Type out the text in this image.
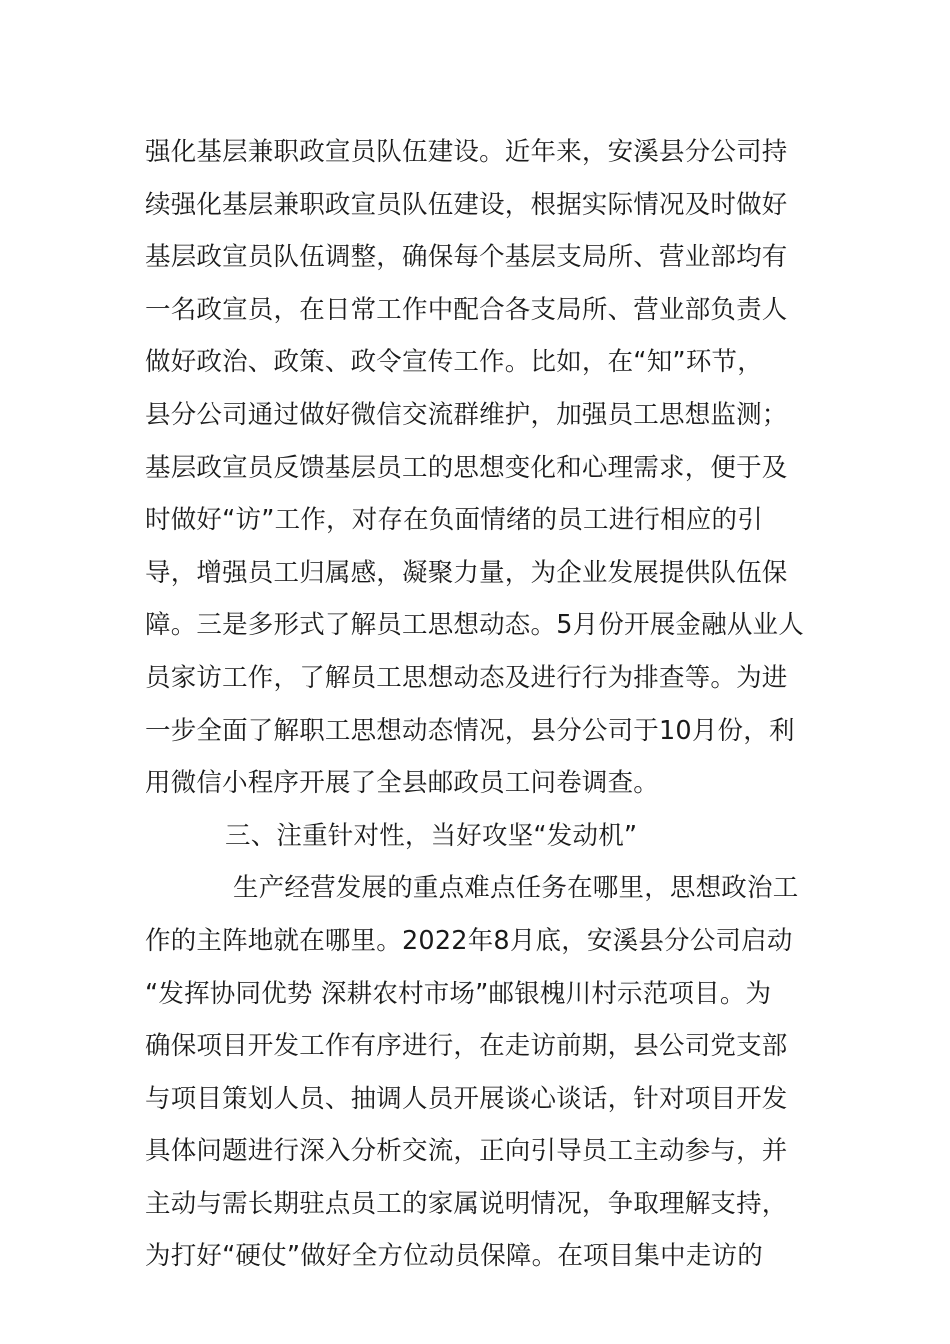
强化基层兼职政宣员队伍建设。近年来，安溪县分公司持
续强化基层兼职政宣员队伍建设，根据实际情况及时做好
基层政宣员队伍调整，确保每个基层支局所、营业部均有
一名政宣员，在日常工作中配合各支局所、营业部负责人
做好政治、政策、政令宣传工作。比如，在“知”环节，
县分公司通过做好微信交流群维护，加强员工思想监测；
基层政宣员反馈基层员工的思想变化和心理需求，便于及
时做好“访”工作，对存在负面情绪的员工进行相应的引
导，增强员工归属感，凝聚力量，为企业发展提供队伍保
障。三是多形式了解员工思想动态。5月份开展金融从业人
员家访工作，了解员工思想动态及进行行为排查等。为进
一步全面了解职工思想动态情况，县分公司于10月份，利
用微信小程序开展了全县邮政员工问卷调查。
三、注重针对性，当好攻坚“发动机”
生产经营发展的重点难点任务在哪里，思想政治工
作的主阵地就在哪里。2022年8月底，安溪县分公司启动
“发挥协同优势 深耕农村市场”邮银槐川村示范项目。为
确保项目开发工作有序进行，在走访前期，县公司党支部
与项目策划人员、抽调人员开展谈心谈话，针对项目开发
具体问题进行深入分析交流，正向引导员工主动参与，并
主动与需长期驻点员工的家属说明情况，争取理解支持，
为打好“硬仗”做好全方位动员保障。在项目集中走访的
